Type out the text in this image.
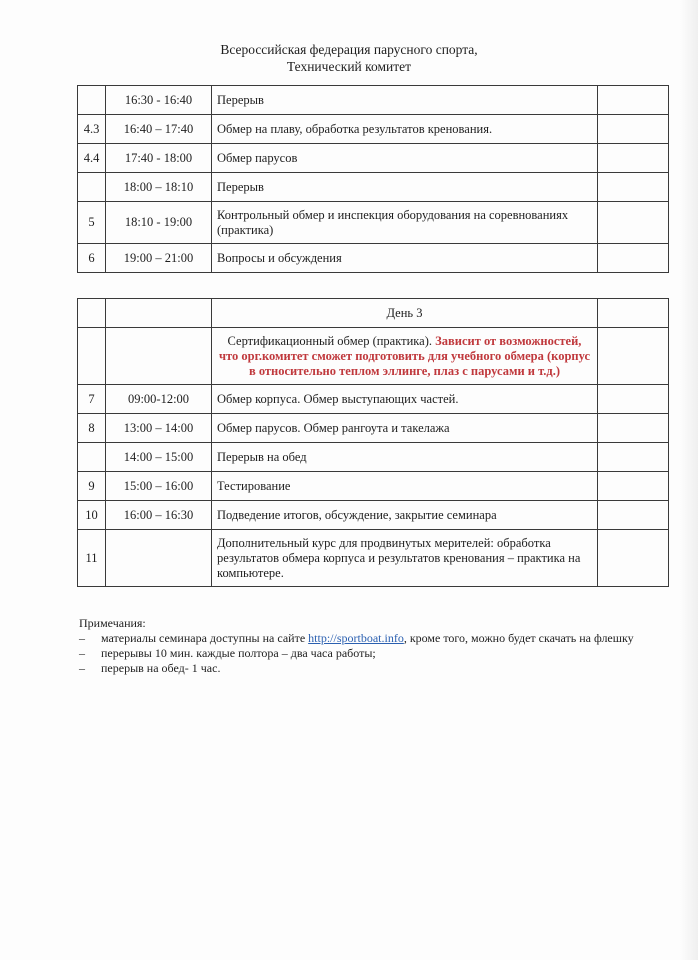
Всероссийская федерация парусного спорта,
Технический комитет
	16:30 - 16:40	Перерыв	
4.3	16:40 – 17:40	Обмер на плаву, обработка результатов кренования.	
4.4	17:40 - 18:00	Обмер парусов	
	18:00 – 18:10	Перерыв	
5	18:10 - 19:00	Контрольный обмер и инспекция оборудования на соревнованиях (практика)	
6	19:00 – 21:00	Вопросы и обсуждения	
		День 3	
		Сертификационный обмер (практика). Зависит от возможностей, что орг.комитет сможет подготовить для учебного обмера (корпус в относительно теплом эллинге, плаз с парусами и т.д.)	
7	09:00-12:00	Обмер корпуса. Обмер выступающих частей.	
8	13:00 – 14:00	Обмер парусов. Обмер рангоута и такелажа	
	14:00 – 15:00	Перерыв на обед	
9	15:00 – 16:00	Тестирование	
10	16:00 – 16:30	Подведение итогов, обсуждение, закрытие семинара	
11		Дополнительный курс для продвинутых мерителей: обработка результатов обмера корпуса и результатов кренования – практика на компьютере.	
Примечания:
– материалы семинара доступны на сайте http://sportboat.info, кроме того, можно будет скачать на флешку
– перерывы 10 мин. каждые полтора – два часа работы;
– перерыв на обед- 1 час.
